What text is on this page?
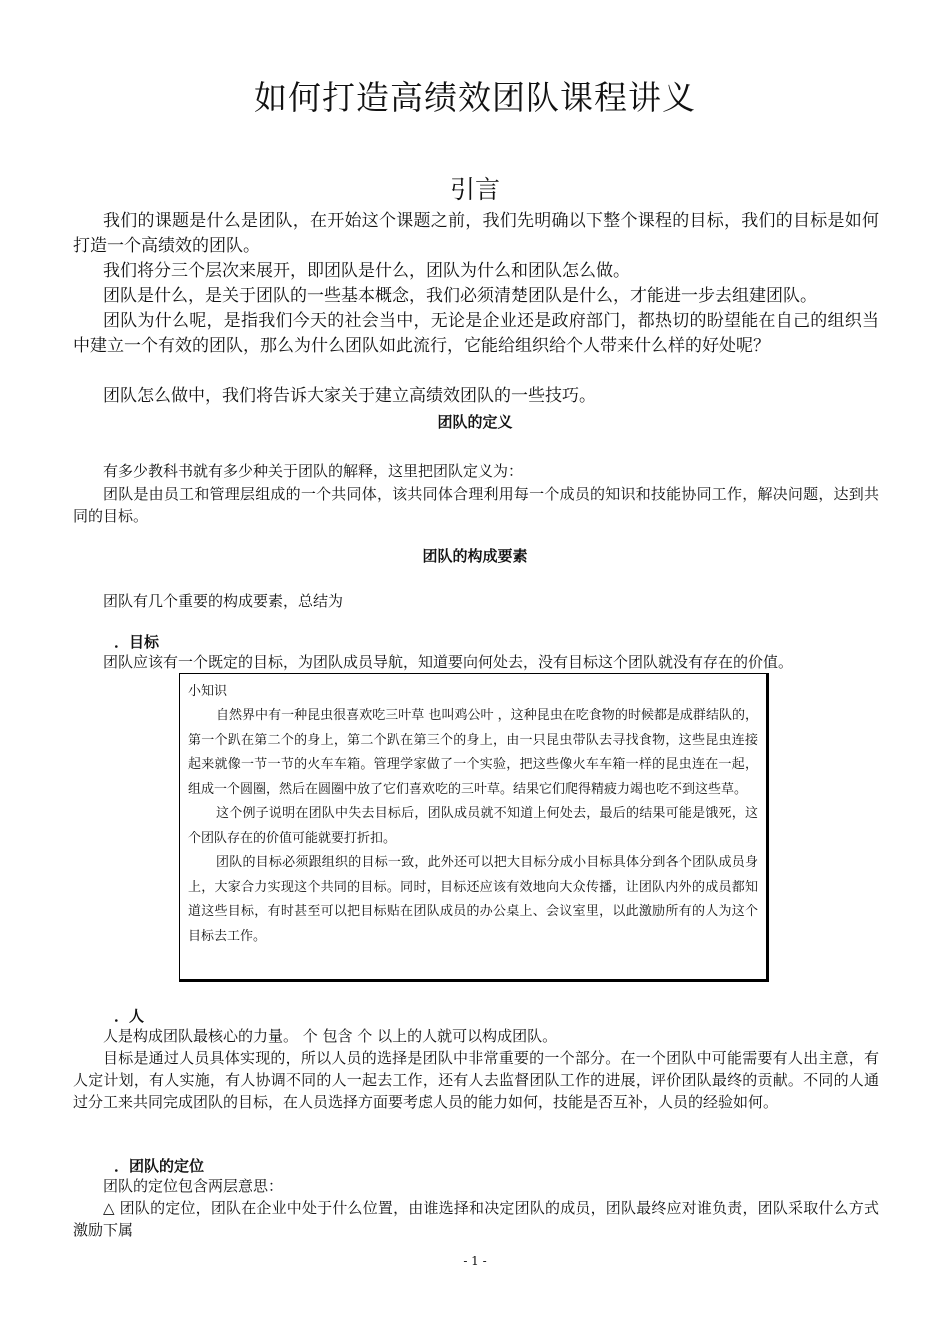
如何打造高绩效团队课程讲义
引言

我们的课题是什么是团队，在开始这个课题之前，我们先明确以下整个课程的目标，我们的目标是如何打造一个高绩效的团队。

我们将分三个层次来展开，即团队是什么，团队为什么和团队怎么做。

团队是什么，是关于团队的一些基本概念，我们必须清楚团队是什么，才能进一步去组建团队。

团队为什么呢，是指我们今天的社会当中，无论是企业还是政府部门，都热切的盼望能在自己的组织当中建立一个有效的团队，那么为什么团队如此流行，它能给组织给个人带来什么样的好处呢？

团队怎么做中，我们将告诉大家关于建立高绩效团队的一些技巧。

团队的定义

有多少教科书就有多少种关于团队的解释，这里把团队定义为：

团队是由员工和管理层组成的一个共同体，该共同体合理利用每一个成员的知识和技能协同工作，解决问题，达到共同的目标。

团队的构成要素

团队有几个重要的构成要素，总结为

．目标

团队应该有一个既定的目标，为团队成员导航，知道要向何处去，没有目标这个团队就没有存在的价值。

小知识

自然界中有一种昆虫很喜欢吃三叶草 也叫鸡公叶 ，这种昆虫在吃食物的时候都是成群结队的，第一个趴在第二个的身上，第二个趴在第三个的身上，由一只昆虫带队去寻找食物，这些昆虫连接起来就像一节一节的火车车箱。管理学家做了一个实验，把这些像火车车箱一样的昆虫连在一起，组成一个圆圈，然后在圆圈中放了它们喜欢吃的三叶草。结果它们爬得精疲力竭也吃不到这些草。

这个例子说明在团队中失去目标后，团队成员就不知道上何处去，最后的结果可能是饿死，这个团队存在的价值可能就要打折扣。

团队的目标必须跟组织的目标一致，此外还可以把大目标分成小目标具体分到各个团队成员身上，大家合力实现这个共同的目标。同时，目标还应该有效地向大众传播，让团队内外的成员都知道这些目标，有时甚至可以把目标贴在团队成员的办公桌上、会议室里，以此激励所有的人为这个目标去工作。

．人

人是构成团队最核心的力量。 个 包含 个 以上的人就可以构成团队。

目标是通过人员具体实现的，所以人员的选择是团队中非常重要的一个部分。在一个团队中可能需要有人出主意，有人定计划，有人实施，有人协调不同的人一起去工作，还有人去监督团队工作的进展，评价团队最终的贡献。不同的人通过分工来共同完成团队的目标，在人员选择方面要考虑人员的能力如何，技能是否互补，人员的经验如何。

．团队的定位

团队的定位包含两层意思：

△ 团队的定位，团队在企业中处于什么位置，由谁选择和决定团队的成员，团队最终应对谁负责，团队采取什么方式激励下属

- 1 -
